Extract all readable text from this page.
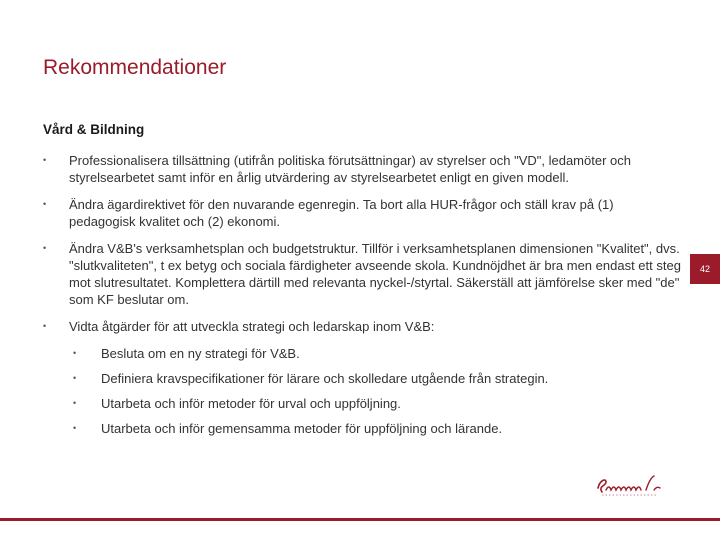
Rekommendationer
Vård & Bildning
• Professionalisera tillsättning (utifrån politiska förutsättningar) av styrelser och "VD", ledamöter och styrelsearbetet samt inför en årlig utvärdering av styrelsearbetet enligt en given modell.
• Ändra ägardirektivet för den nuvarande egenregin. Ta bort alla HUR-frågor och ställ krav på (1) pedagogisk kvalitet och (2) ekonomi.
• Ändra V&B's verksamhetsplan och budgetstruktur. Tillför i verksamhetsplanen dimensionen "Kvalitet", dvs. "slutkvaliteten", t ex betyg och sociala färdigheter avseende skola. Kundnöjdhet är bra men endast ett steg mot slutresultatet. Komplettera därtill med relevanta nyckel-/styrtal. Säkerställ att jämförelse sker med "de" som KF beslutar om.
• Vidta åtgärder för att utveckla strategi och ledarskap inom V&B:
• Besluta om en ny strategi för V&B.
• Definiera kravspecifikationer för lärare och skolledare utgående från strategin.
• Utarbeta och inför metoder för urval och uppföljning.
• Utarbeta och inför gemensamma metoder för uppföljning och lärande.
42
